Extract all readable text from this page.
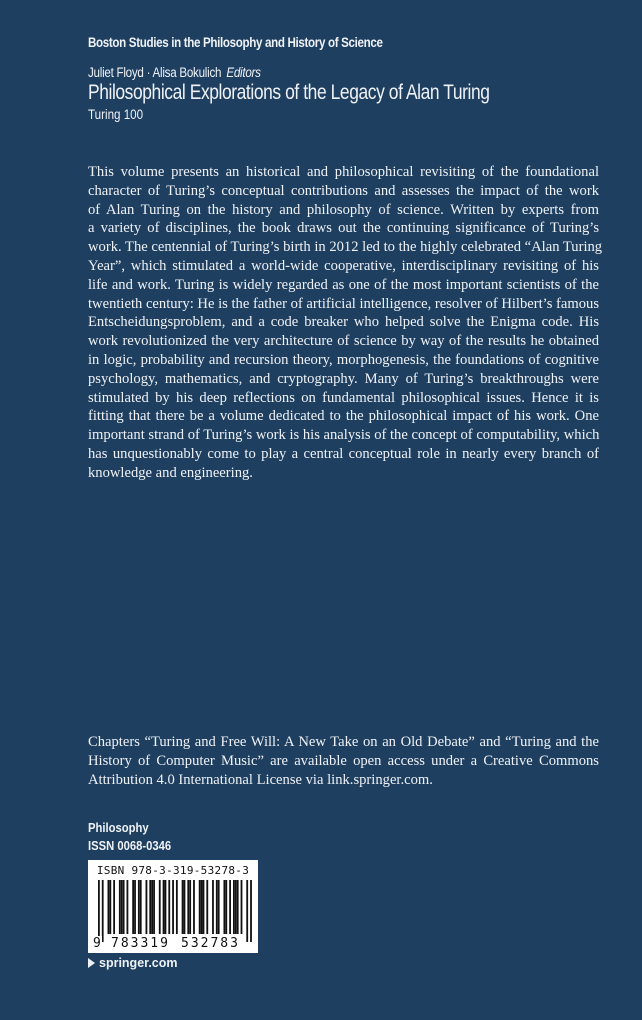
Boston Studies in the Philosophy and History of Science
Juliet Floyd · Alisa Bokulich Editors
Philosophical Explorations of the Legacy of Alan Turing
Turing 100
This volume presents an historical and philosophical revisiting of the foundational
character of Turing’s conceptual contributions and assesses the impact of the work
of Alan Turing on the history and philosophy of science. Written by experts from
a variety of disciplines, the book draws out the continuing significance of Turing’s
work. The centennial of Turing’s birth in 2012 led to the highly celebrated “Alan Turing
Year”, which stimulated a world-wide cooperative, interdisciplinary revisiting of his
life and work. Turing is widely regarded as one of the most important scientists of the
twentieth century: He is the father of artificial intelligence, resolver of Hilbert’s famous
Entscheidungsproblem, and a code breaker who helped solve the Enigma code. His
work revolutionized the very architecture of science by way of the results he obtained
in logic, probability and recursion theory, morphogenesis, the foundations of cognitive
psychology, mathematics, and cryptography. Many of Turing’s breakthroughs were
stimulated by his deep reflections on fundamental philosophical issues. Hence it is
fitting that there be a volume dedicated to the philosophical impact of his work. One
important strand of Turing’s work is his analysis of the concept of computability, which
has unquestionably come to play a central conceptual role in nearly every branch of
knowledge and engineering.
Chapters “Turing and Free Will: A New Take on an Old Debate” and “Turing and the
History of Computer Music” are available open access under a Creative Commons
Attribution 4.0 International License via link.springer.com.
Philosophy
ISSN 0068-0346
ISBN 978-3-319-53278-3
9 783319 532783
springer.com
